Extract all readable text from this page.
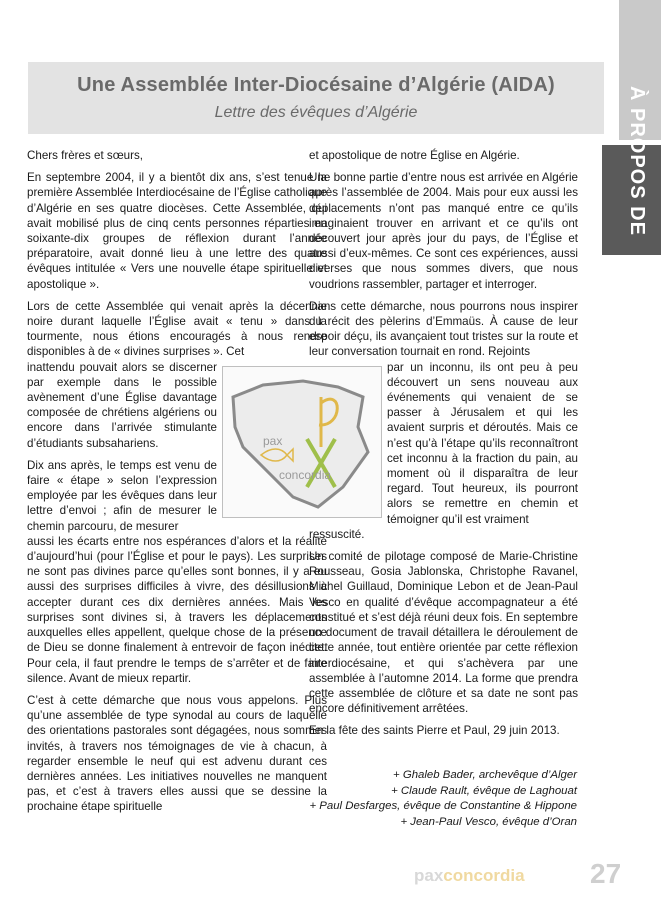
À PROPOS DE
Une Assemblée Inter-Diocésaine d’Algérie (AIDA)
Lettre des évêques d’Algérie

Chers frères et sœurs,

En septembre 2004, il y a bientôt dix ans, s’est tenue la première Assemblée Interdiocésaine de l’Église catholique d’Algérie en ses quatre diocèses. Cette Assemblée, qui avait mobilisé plus de cinq cents personnes réparties en soixante-dix groupes de réflexion durant l’année préparatoire, avait donné lieu à une lettre des quatre évêques intitulée « Vers une nouvelle étape spirituelle et apostolique ».

Lors de cette Assemblée qui venait après la décennie noire durant laquelle l’Église avait « tenu » dans la tourmente, nous étions encouragés à nous rendre disponibles à de « divines surprises ». Cet

inattendu pouvait alors se discerner par exemple dans le possible avènement d’une Église davantage composée de chrétiens algériens ou encore dans l’arrivée stimulante d’étudiants subsahariens.

Dix ans après, le temps est venu de faire « étape » selon l’expression employée par les évêques dans leur lettre d’envoi ; afin de mesurer le chemin parcouru, de mesurer

aussi les écarts entre nos espérances d’alors et la réalité d’aujourd’hui (pour l’Église et pour le pays). Les surprises ne sont pas divines parce qu’elles sont bonnes, il y a eu aussi des surprises difficiles à vivre, des désillusions à accepter durant ces dix dernières années. Mais les surprises sont divines si, à travers les déplacements auxquelles elles appellent, quelque chose de la présence de Dieu se donne finalement à entrevoir de façon inédite. Pour cela, il faut prendre le temps de s’arrêter et de faire silence. Avant de mieux repartir.

C’est à cette démarche que nous vous appelons. Plus qu’une assemblée de type synodal au cours de laquelle des orientations pastorales sont dégagées, nous sommes invités, à travers nos témoignages de vie à chacun, à regarder ensemble le neuf qui est advenu durant ces dernières années. Les initiatives nouvelles ne manquent pas, et c’est à travers elles aussi que se dessine la prochaine étape spirituelle

et apostolique de notre Église en Algérie.

Une bonne partie d’entre nous est arrivée en Algérie après l’assemblée de 2004. Mais pour eux aussi les déplacements n’ont pas manqué entre ce qu’ils imaginaient trouver en arrivant et ce qu’ils ont découvert jour après jour du pays, de l’Église et aussi d’eux-mêmes. Ce sont ces expériences, aussi diverses que nous sommes divers, que nous voudrions rassembler, partager et interroger.

Dans cette démarche, nous pourrons nous inspirer du récit des pèlerins d’Emmaüs. À cause de leur espoir déçu, ils avançaient tout tristes sur la route et leur conversation tournait en rond. Rejoints

par un inconnu, ils ont peu à peu découvert un sens nouveau aux événements qui venaient de se passer à Jérusalem et qui les avaient surpris et déroutés. Mais ce n’est qu’à l’étape qu’ils reconnaîtront cet inconnu à la fraction du pain, au moment où il disparaîtra de leur regard. Tout heureux, ils pourront alors se remettre en chemin et témoigner qu’il est vraiment

ressuscité.

Un comité de pilotage composé de Marie-Christine Rousseau, Gosia Jablonska, Christophe Ravanel, Michel Guillaud, Dominique Lebon et de Jean-Paul Vesco en qualité d’évêque accompagnateur a été constitué et s’est déjà réuni deux fois. En septembre un document de travail détaillera le déroulement de cette année, tout entière orientée par cette réflexion interdiocésaine, et qui s’achèvera par une assemblée à l’automne 2014. La forme que prendra cette assemblée de clôture et sa date ne sont pas encore définitivement arrêtées.

En la fête des saints Pierre et Paul, 29 juin 2013.

pax
concordia
+ Ghaleb Bader, archevêque d’Alger
+ Claude Rault, évêque de Laghouat
+ Paul Desfarges, évêque de Constantine & Hippone
+ Jean-Paul Vesco, évêque d’Oran
paxconcordia 27
